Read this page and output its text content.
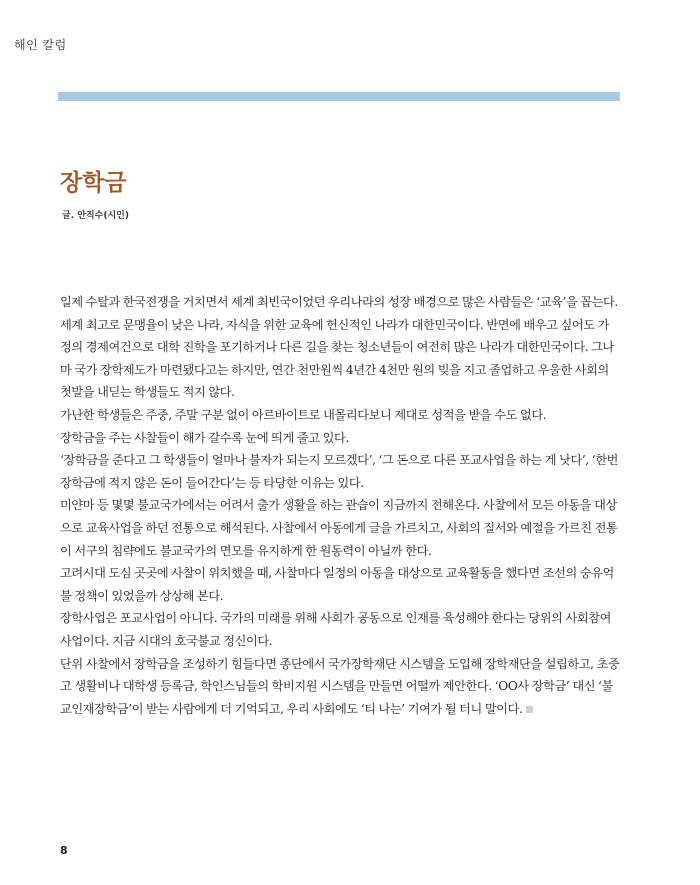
해인 칼럼
장학금
글. 안직수(시인)

일제 수탈과 한국전쟁을 거치면서 세계 최빈국이었던 우리나라의 성장 배경으로 많은 사람들은 ‘교육’을 꼽는다.

세계 최고로 문맹율이 낮은 나라, 자식을 위한 교육에 헌신적인 나라가 대한민국이다. 반면에 배우고 싶어도 가정의 경제여건으로 대학 진학을 포기하거나 다른 길을 찾는 청소년들이 여전히 많은 나라가 대한민국이다. 그나마 국가 장학제도가 마련됐다고는 하지만, 연간 천만원씩 4년간 4천만 원의 빚을 지고 졸업하고 우울한 사회의 첫발을 내딛는 학생들도 적지 않다.

가난한 학생들은 주중, 주말 구분 없이 아르바이트로 내몰리다보니 제대로 성적을 받을 수도 없다.

장학금을 주는 사찰들이 해가 갈수록 눈에 띄게 줄고 있다.

‘장학금을 준다고 그 학생들이 얼마나 불자가 되는지 모르겠다’, ‘그 돈으로 다른 포교사업을 하는 게 낫다’, ‘한번 장학금에 적지 않은 돈이 들어간다’는 등 타당한 이유는 있다.

미얀마 등 몇몇 불교국가에서는 어려서 출가 생활을 하는 관습이 지금까지 전해온다. 사찰에서 모든 아동을 대상으로 교육사업을 하던 전통으로 해석된다. 사찰에서 아동에게 글을 가르치고, 사회의 질서와 예절을 가르친 전통이 서구의 침략에도 불교국가의 면모를 유지하게 한 원동력이 아닐까 한다.

고려시대 도심 곳곳에 사찰이 위치했을 때, 사찰마다 일정의 아동을 대상으로 교육활동을 했다면 조선의 숭유억불 정책이 있었을까 상상해 본다.

장학사업은 포교사업이 아니다. 국가의 미래를 위해 사회가 공동으로 인재를 육성해야 한다는 당위의 사회참여사업이다. 지금 시대의 호국불교 정신이다.

단위 사찰에서 장학금을 조성하기 힘들다면 종단에서 국가장학재단 시스템을 도입해 장학재단을 설립하고, 초중고 생활비나 대학생 등록금, 학인스님들의 학비지원 시스템을 만들면 어떨까 제안한다. ‘OO사 장학금’ 대신 ‘불교인재장학금’이 받는 사람에게 더 기억되고, 우리 사회에도 ‘티 나는’ 기여가 될 터니 말이다.

8
